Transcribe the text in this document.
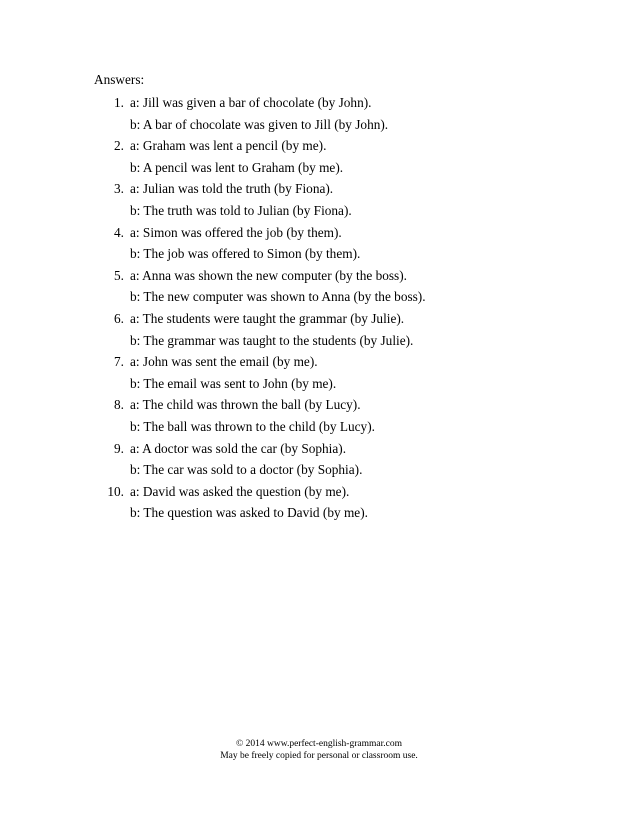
Answers:
1. a: Jill was given a bar of chocolate (by John).
b: A bar of chocolate was given to Jill (by John).
2. a: Graham was lent a pencil (by me).
b: A pencil was lent to Graham (by me).
3. a: Julian was told the truth (by Fiona).
b: The truth was told to Julian (by Fiona).
4. a: Simon was offered the job (by them).
b: The job was offered to Simon (by them).
5. a: Anna was shown the new computer (by the boss).
b: The new computer was shown to Anna (by the boss).
6. a: The students were taught the grammar (by Julie).
b: The grammar was taught to the students (by Julie).
7. a: John was sent the email (by me).
b: The email was sent to John (by me).
8. a: The child was thrown the ball (by Lucy).
b: The ball was thrown to the child (by Lucy).
9. a: A doctor was sold the car (by Sophia).
b: The car was sold to a doctor (by Sophia).
10. a: David was asked the question (by me).
b: The question was asked to David (by me).
© 2014 www.perfect-english-grammar.com
May be freely copied for personal or classroom use.
